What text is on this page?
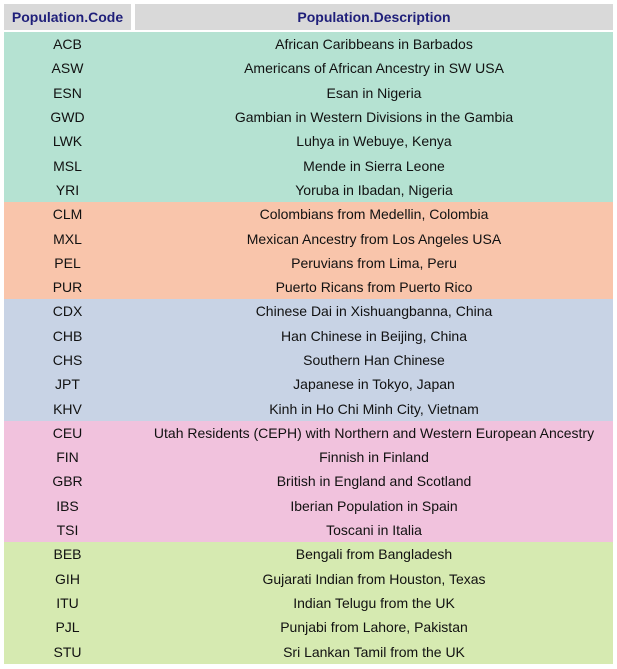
Population.Code	Population.Description
ACB	African Caribbeans in Barbados
ASW	Americans of African Ancestry in SW USA
ESN	Esan in Nigeria
GWD	Gambian in Western Divisions in the Gambia
LWK	Luhya in Webuye, Kenya
MSL	Mende in Sierra Leone
YRI	Yoruba in Ibadan, Nigeria
CLM	Colombians from Medellin, Colombia
MXL	Mexican Ancestry from Los Angeles USA
PEL	Peruvians from Lima, Peru
PUR	Puerto Ricans from Puerto Rico
CDX	Chinese Dai in Xishuangbanna, China
CHB	Han Chinese in Beijing, China
CHS	Southern Han Chinese
JPT	Japanese in Tokyo, Japan
KHV	Kinh in Ho Chi Minh City, Vietnam
CEU	Utah Residents (CEPH) with Northern and Western European Ancestry
FIN	Finnish in Finland
GBR	British in England and Scotland
IBS	Iberian Population in Spain
TSI	Toscani in Italia
BEB	Bengali from Bangladesh
GIH	Gujarati Indian from Houston, Texas
ITU	Indian Telugu from the UK
PJL	Punjabi from Lahore, Pakistan
STU	Sri Lankan Tamil from the UK
